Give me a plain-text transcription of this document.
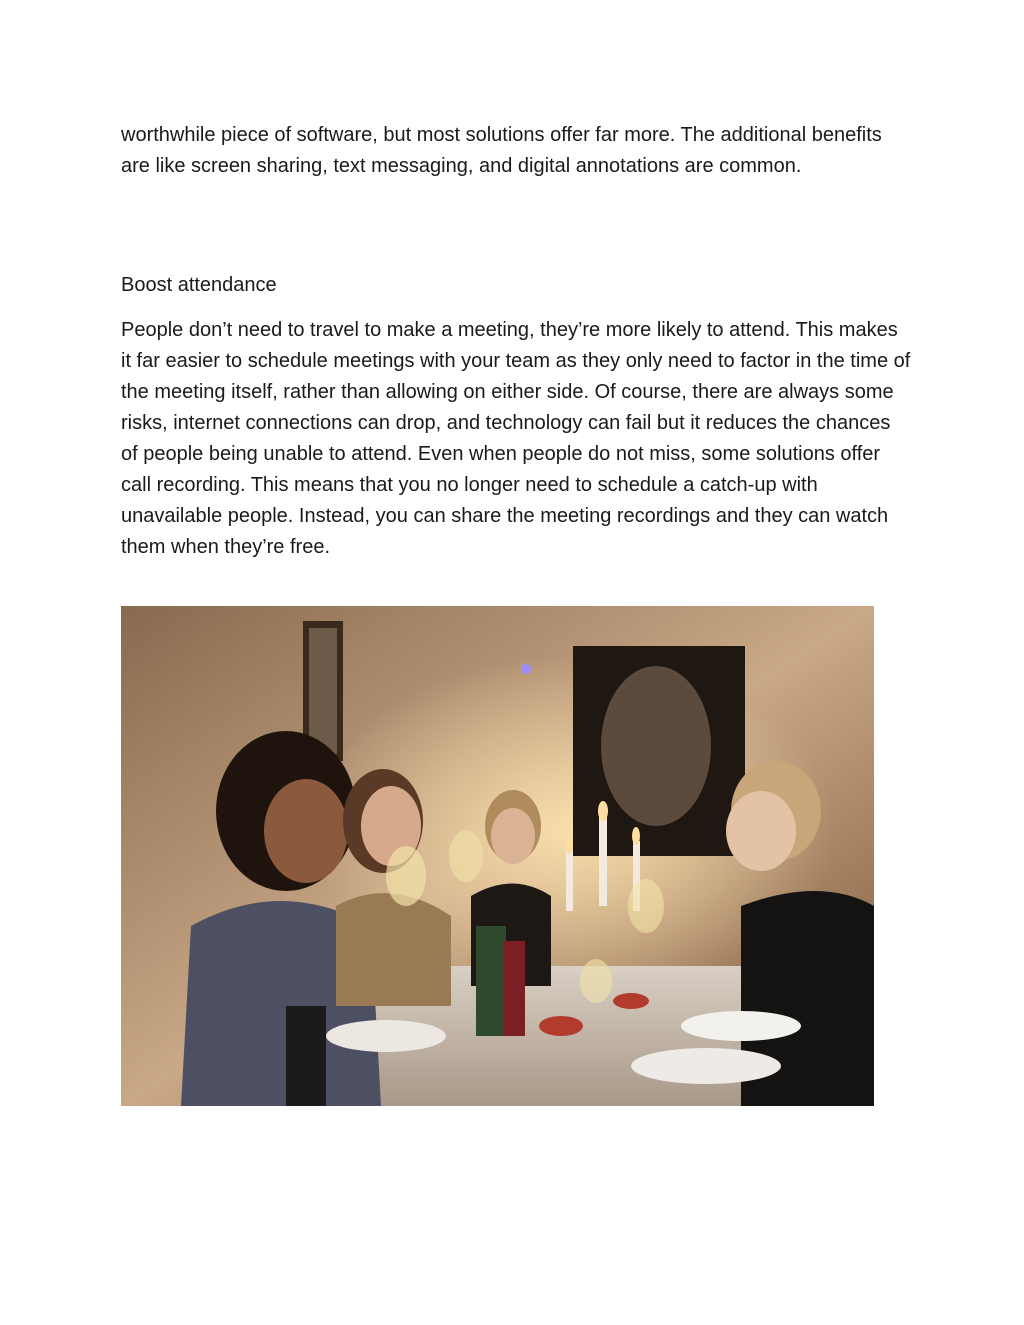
worthwhile piece of software, but most solutions offer far more. The additional benefits are like screen sharing, text messaging, and digital annotations are common.

Boost attendance

People don’t need to travel to make a meeting, they’re more likely to attend. This makes it far easier to schedule meetings with your team as they only need to factor in the time of the meeting itself, rather than allowing on either side. Of course, there are always some risks, internet connections can drop, and technology can fail but it reduces the chances of people being unable to attend. Even when people do not miss, some solutions offer call recording. This means that you no longer need to schedule a catch-up with unavailable people. Instead, you can share the meeting recordings and they can watch them when they’re free.
